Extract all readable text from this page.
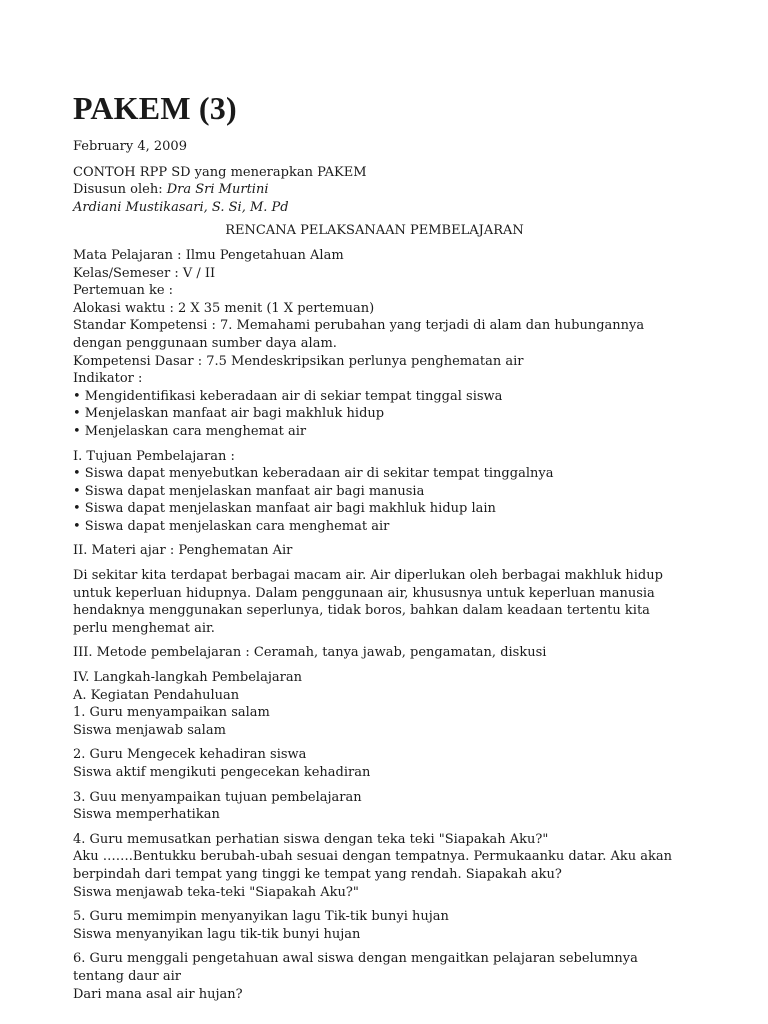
PAKEM (3)

February 4, 2009

CONTOH RPP SD yang menerapkan PAKEM

Disusun oleh: Dra Sri Murtini

Ardiani Mustikasari, S. Si, M. Pd

RENCANA PELAKSANAAN PEMBELAJARAN

Mata Pelajaran : Ilmu Pengetahuan Alam

Kelas/Semeser : V / II

Pertemuan ke :

Alokasi waktu : 2 X 35 menit (1 X pertemuan)

Standar Kompetensi : 7. Memahami perubahan yang terjadi di alam dan hubungannya dengan penggunaan sumber daya alam.

Kompetensi Dasar : 7.5 Mendeskripsikan perlunya penghematan air

Indikator :

• Mengidentifikasi keberadaan air di sekiar tempat tinggal siswa

• Menjelaskan manfaat air bagi makhluk hidup

• Menjelaskan cara menghemat air

I. Tujuan Pembelajaran :

• Siswa dapat menyebutkan keberadaan air di sekitar tempat tinggalnya

• Siswa dapat menjelaskan manfaat air bagi manusia

• Siswa dapat menjelaskan manfaat air bagi makhluk hidup lain

• Siswa dapat menjelaskan cara menghemat air

II. Materi ajar : Penghematan Air

Di sekitar kita terdapat berbagai macam air. Air diperlukan oleh berbagai makhluk hidup untuk keperluan hidupnya. Dalam penggunaan air, khususnya untuk keperluan manusia hendaknya menggunakan seperlunya, tidak boros, bahkan dalam keadaan tertentu kita perlu menghemat air.

III. Metode pembelajaran : Ceramah, tanya jawab, pengamatan, diskusi

IV. Langkah-langkah Pembelajaran

A. Kegiatan Pendahuluan

1. Guru menyampaikan salam

Siswa menjawab salam

2. Guru Mengecek kehadiran siswa

Siswa aktif mengikuti pengecekan kehadiran

3. Guu menyampaikan tujuan pembelajaran

Siswa memperhatikan

4. Guru memusatkan perhatian siswa dengan teka teki "Siapakah Aku?"

Aku …….Bentukku berubah-ubah sesuai dengan tempatnya. Permukaanku datar. Aku akan berpindah dari tempat yang tinggi ke tempat yang rendah. Siapakah aku?

Siswa menjawab teka-teki "Siapakah Aku?"

5. Guru memimpin menyanyikan lagu Tik-tik bunyi hujan

Siswa menyanyikan lagu tik-tik bunyi hujan

6. Guru menggali pengetahuan awal siswa dengan mengaitkan pelajaran sebelumnya tentang daur air

Dari mana asal air hujan?
